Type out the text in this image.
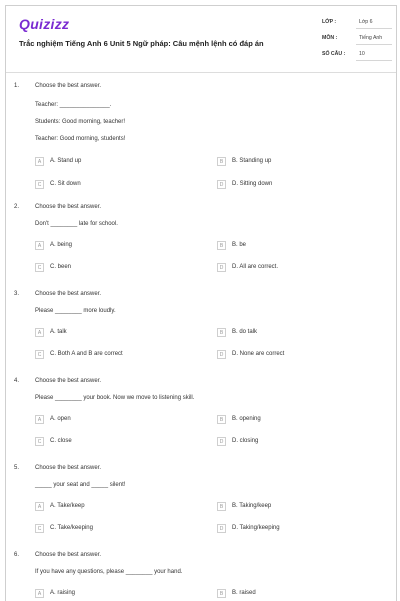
Quizizz
Trắc nghiệm Tiếng Anh 6 Unit 5 Ngữ pháp: Câu mệnh lệnh có đáp án
LỚP :	Lớp 6
MÔN :	Tiếng Anh
SỐ CÂU :	10
1.	Choose the best answer.
Teacher: _______________.
Students: Good morning, teacher!
Teacher: Good morning, students!
A	A. Stand up	B	B. Standing up
C	C. Sit down	D	D. Sitting down
2.	Choose the best answer.
Don't ________ late for school.
A	A. being	B	B. be
C	C. been	D	D. All are correct.
3.	Choose the best answer.
Please ________ more loudly.
A	A. talk	B	B. do talk
C	C. Both A and B are correct	D	D. None are correct
4.	Choose the best answer.
Please ________ your book. Now we move to listening skill.
A	A. open	B	B. opening
C	C. close	D	D. closing
5.	Choose the best answer.
_____ your seat and _____ silent!
A	A. Take/keep	B	B. Taking/keep
C	C. Take/keeping	D	D. Taking/keeping
6.	Choose the best answer.
If you have any questions, please ________ your hand.
A	A. raising	B	B. raised
